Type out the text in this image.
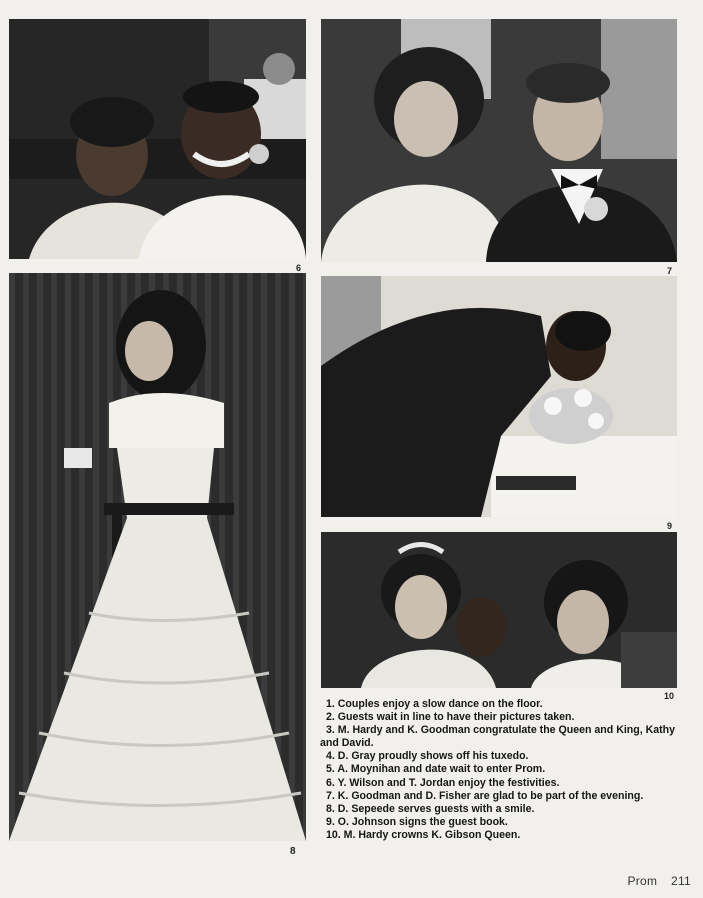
6	7
8
9
10

1. Couples enjoy a slow dance on the floor.

2. Guests wait in line to have their pictures taken.

3. M. Hardy and K. Goodman congratulate the Queen and King, Kathy and David.

4. D. Gray proudly shows off his tuxedo.

5. A. Moynihan and date wait to enter Prom.

6. Y. Wilson and T. Jordan enjoy the festivities.

7. K. Goodman and D. Fisher are glad to be part of the evening.

8. D. Sepeede serves guests with a smile.

9. O. Johnson signs the guest book.

10. M. Hardy crowns K. Gibson Queen.

Prom 211
